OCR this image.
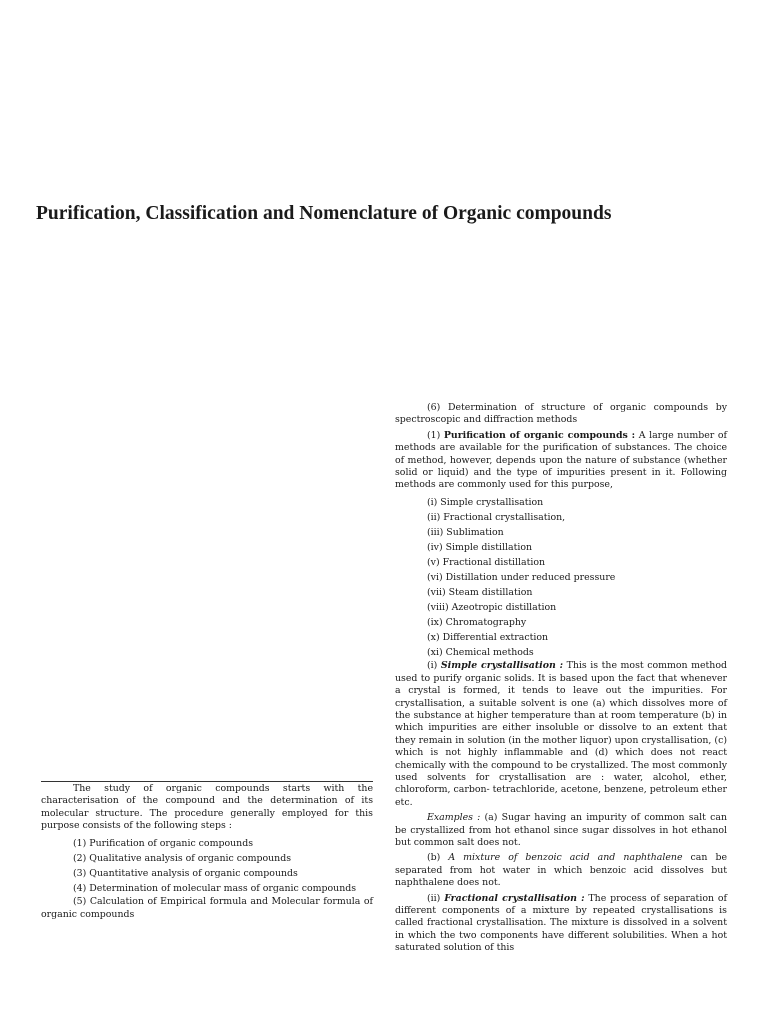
Purification, Classification and Nomenclature of Organic compounds

The study of organic compounds starts with the characterisation of the compound and the determination of its molecular structure. The procedure generally employed for this purpose consists of the following steps :

(1) Purification of organic compounds
(2) Qualitative analysis of organic compounds
(3) Quantitative analysis of organic compounds
(4) Determination of molecular mass of organic compounds

(5) Calculation of Empirical formula and Molecular formula of organic compounds

(6) Determination of structure of organic compounds by spectroscopic and diffraction methods

(1) Purification of organic compounds : A large number of methods are available for the purification of substances. The choice of method, however, depends upon the nature of substance (whether solid or liquid) and the type of impurities present in it. Following methods are commonly used for this purpose,

(i) Simple crystallisation
(ii) Fractional crystallisation,
(iii) Sublimation
(iv) Simple distillation
(v) Fractional distillation
(vi) Distillation under reduced pressure
(vii) Steam distillation
(viii) Azeotropic distillation
(ix) Chromatography
(x) Differential extraction
(xi) Chemical methods

(i) Simple crystallisation : This is the most common method used to purify organic solids. It is based upon the fact that whenever a crystal is formed, it tends to leave out the impurities. For crystallisation, a suitable solvent is one (a) which dissolves more of the substance at higher temperature than at room temperature (b) in which impurities are either insoluble or dissolve to an extent that they remain in solution (in the mother liquor) upon crystallisation, (c) which is not highly inflammable and (d) which does not react chemically with the compound to be crystallized. The most commonly used solvents for crystallisation are : water, alcohol, ether, chloroform, carbon- tetrachloride, acetone, benzene, petroleum ether etc.

Examples : (a) Sugar having an impurity of common salt can be crystallized from hot ethanol since sugar dissolves in hot ethanol but common salt does not.

(b) A mixture of benzoic acid and naphthalene can be separated from hot water in which benzoic acid dissolves but naphthalene does not.

(ii) Fractional crystallisation : The process of separation of different components of a mixture by repeated crystallisations is called fractional crystallisation. The mixture is dissolved in a solvent in which the two components have different solubilities. When a hot saturated solution of this
